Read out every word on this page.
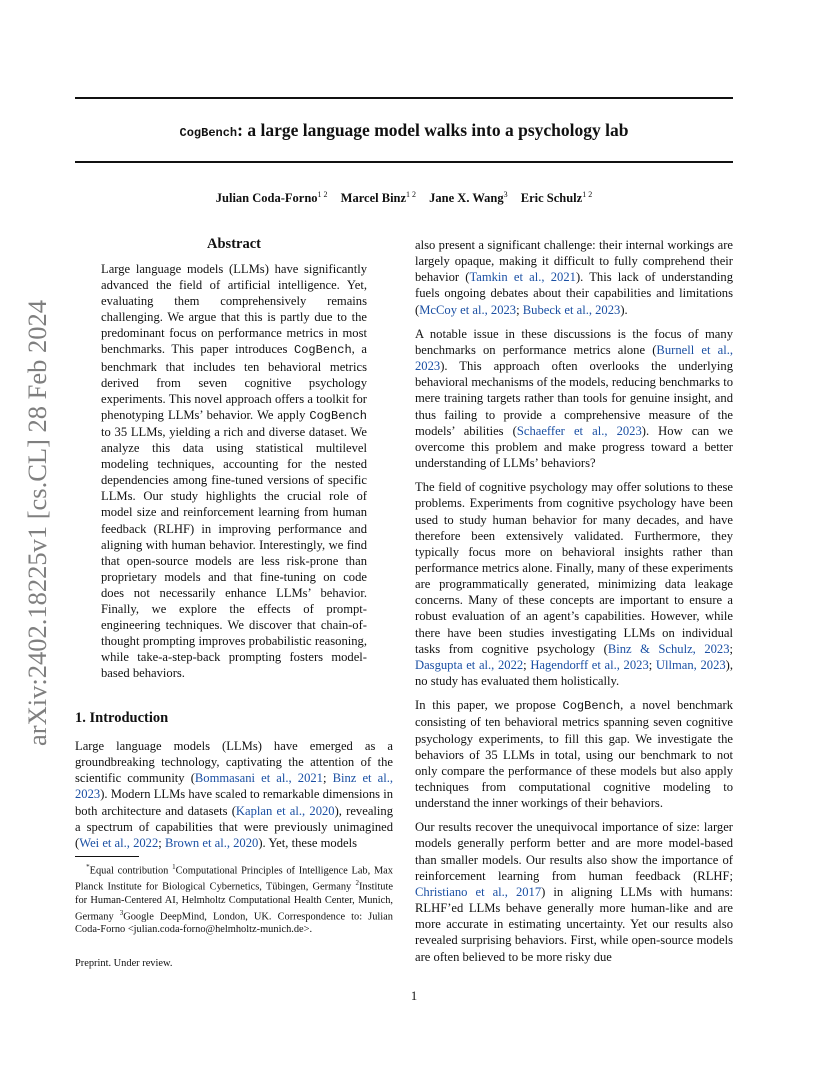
CogBench: a large language model walks into a psychology lab
Julian Coda-Forno$^{1 2}$ Marcel Binz$^{1 2}$ Jane X. Wang$^3$ Eric Schulz$^{1 2}$
arXiv:2402.18225v1 [cs.CL] 28 Feb 2024
Abstract
Large language models (LLMs) have significantly advanced the field of artificial intelligence. Yet, evaluating them comprehensively remains challenging. We argue that this is partly due to the predominant focus on performance metrics in most benchmarks. This paper introduces CogBench, a benchmark that includes ten behavioral metrics derived from seven cognitive psychology experiments. This novel approach offers a toolkit for phenotyping LLMs’ behavior. We apply CogBench to 35 LLMs, yielding a rich and diverse dataset. We analyze this data using statistical multilevel modeling techniques, accounting for the nested dependencies among fine-tuned versions of specific LLMs. Our study highlights the crucial role of model size and reinforcement learning from human feedback (RLHF) in improving performance and aligning with human behavior. Interestingly, we find that open-source models are less risk-prone than proprietary models and that fine-tuning on code does not necessarily enhance LLMs’ behavior. Finally, we explore the effects of prompt-engineering techniques. We discover that chain-of-thought prompting improves probabilistic reasoning, while take-a-step-back prompting fosters model-based behaviors.
1. Introduction
Large language models (LLMs) have emerged as a groundbreaking technology, captivating the attention of the scientific community (Bommasani et al., 2021; Binz et al., 2023). Modern LLMs have scaled to remarkable dimensions in both architecture and datasets (Kaplan et al., 2020), revealing a spectrum of capabilities that were previously unimagined (Wei et al., 2022; Brown et al., 2020). Yet, these models
*Equal contribution $^1$Computational Principles of Intelligence Lab, Max Planck Institute for Biological Cybernetics, Tübingen, Germany $^2$Institute for Human-Centered AI, Helmholtz Computational Health Center, Munich, Germany $^3$Google DeepMind, London, UK. Correspondence to: Julian Coda-Forno <julian.coda-forno@helmholtz-munich.de>.
Preprint. Under review.

also present a significant challenge: their internal workings are largely opaque, making it difficult to fully comprehend their behavior (Tamkin et al., 2021). This lack of understanding fuels ongoing debates about their capabilities and limitations (McCoy et al., 2023; Bubeck et al., 2023).

A notable issue in these discussions is the focus of many benchmarks on performance metrics alone (Burnell et al., 2023). This approach often overlooks the underlying behavioral mechanisms of the models, reducing benchmarks to mere training targets rather than tools for genuine insight, and thus failing to provide a comprehensive measure of the models’ abilities (Schaeffer et al., 2023). How can we overcome this problem and make progress toward a better understanding of LLMs’ behaviors?

The field of cognitive psychology may offer solutions to these problems. Experiments from cognitive psychology have been used to study human behavior for many decades, and have therefore been extensively validated. Furthermore, they typically focus more on behavioral insights rather than performance metrics alone. Finally, many of these experiments are programmatically generated, minimizing data leakage concerns. Many of these concepts are important to ensure a robust evaluation of an agent’s capabilities. However, while there have been studies investigating LLMs on individual tasks from cognitive psychology (Binz & Schulz, 2023; Dasgupta et al., 2022; Hagendorff et al., 2023; Ullman, 2023), no study has evaluated them holistically.

In this paper, we propose CogBench, a novel benchmark consisting of ten behavioral metrics spanning seven cognitive psychology experiments, to fill this gap. We investigate the behaviors of 35 LLMs in total, using our benchmark to not only compare the performance of these models but also apply techniques from computational cognitive modeling to understand the inner workings of their behaviors.

Our results recover the unequivocal importance of size: larger models generally perform better and are more model-based than smaller models. Our results also show the importance of reinforcement learning from human feedback (RLHF; Christiano et al., 2017) in aligning LLMs with humans: RLHF’ed LLMs behave generally more human-like and are more accurate in estimating uncertainty. Yet our results also revealed surprising behaviors. First, while open-source models are often believed to be more risky due

1
